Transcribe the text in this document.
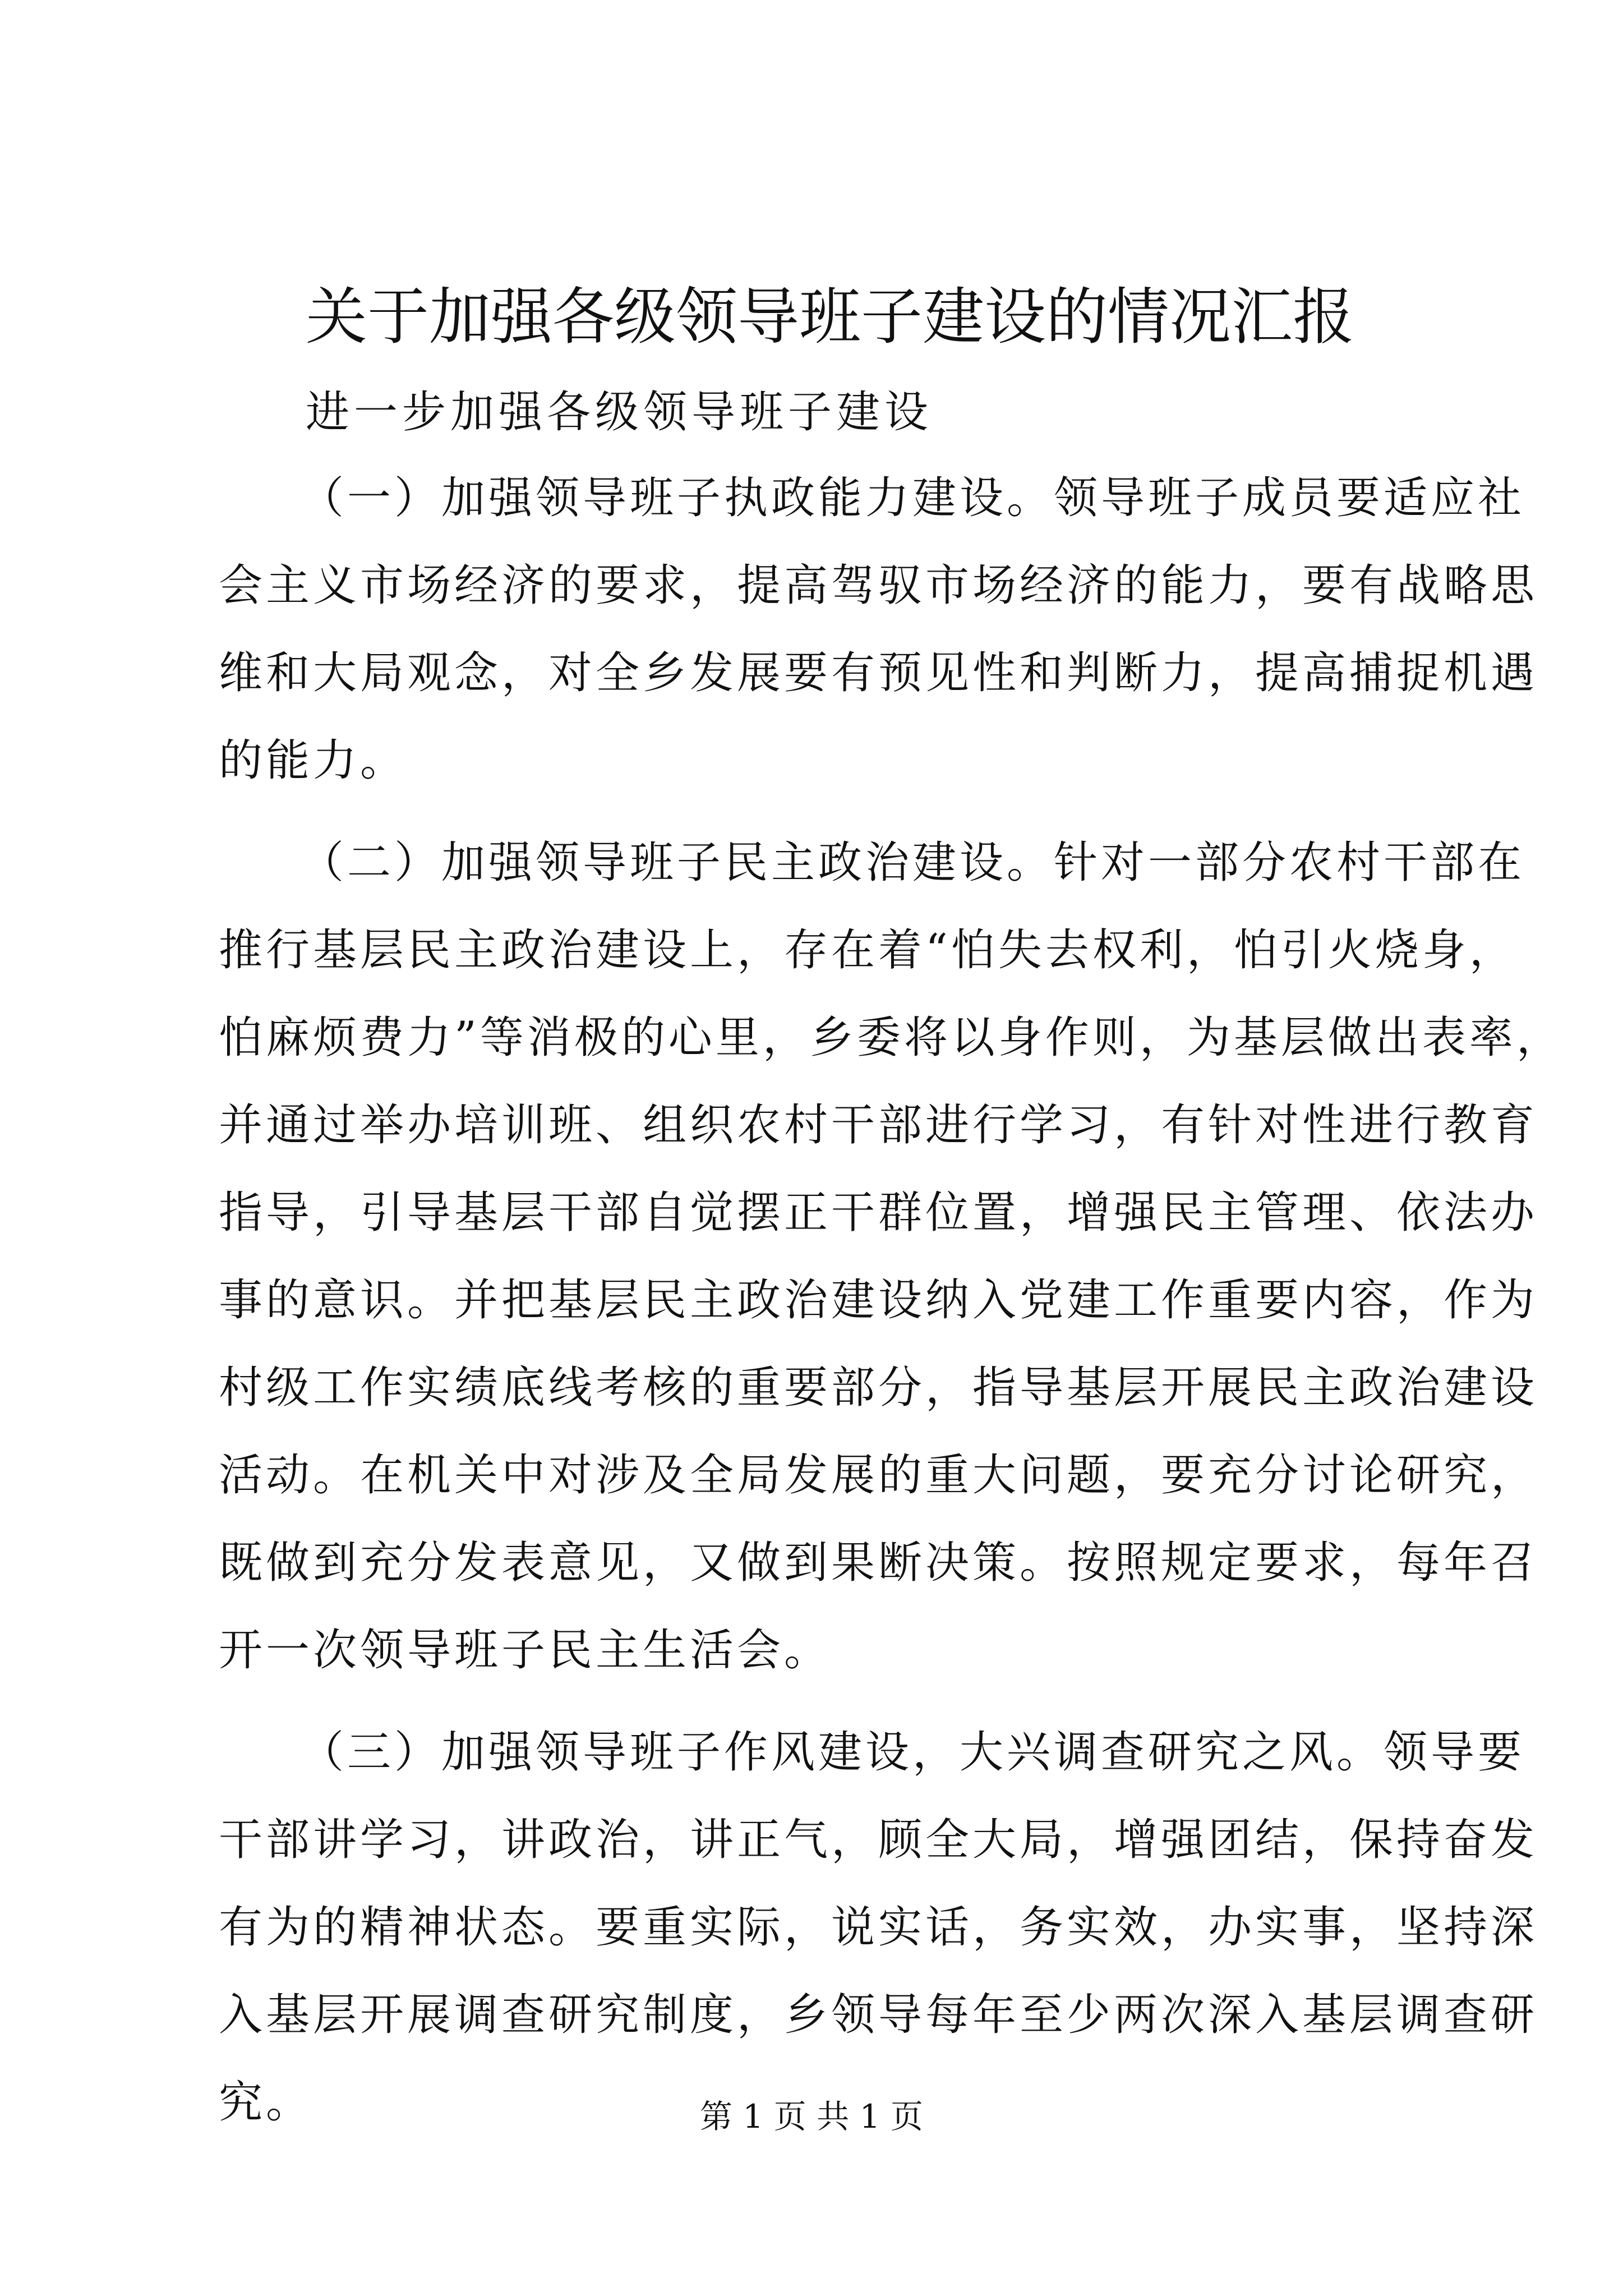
关于加强各级领导班子建设的情况汇报
进一步加强各级领导班子建设
（一）加强领导班子执政能力建设。领导班子成员要适应社
会主义市场经济的要求，提高驾驭市场经济的能力，要有战略思
维和大局观念，对全乡发展要有预见性和判断力，提高捕捉机遇
的能力。
（二）加强领导班子民主政治建设。针对一部分农村干部在
推行基层民主政治建设上，存在着“怕失去权利，怕引火烧身，
怕麻烦费力”等消极的心里，乡委将以身作则，为基层做出表率，
并通过举办培训班、组织农村干部进行学习，有针对性进行教育
指导，引导基层干部自觉摆正干群位置，增强民主管理、依法办
事的意识。并把基层民主政治建设纳入党建工作重要内容，作为
村级工作实绩底线考核的重要部分，指导基层开展民主政治建设
活动。在机关中对涉及全局发展的重大问题，要充分讨论研究，
既做到充分发表意见，又做到果断决策。按照规定要求，每年召
开一次领导班子民主生活会。
（三）加强领导班子作风建设，大兴调查研究之风。领导要
干部讲学习，讲政治，讲正气，顾全大局，增强团结，保持奋发
有为的精神状态。要重实际，说实话，务实效，办实事，坚持深
入基层开展调查研究制度，乡领导每年至少两次深入基层调查研
究。	第 1 页 共 1 页
